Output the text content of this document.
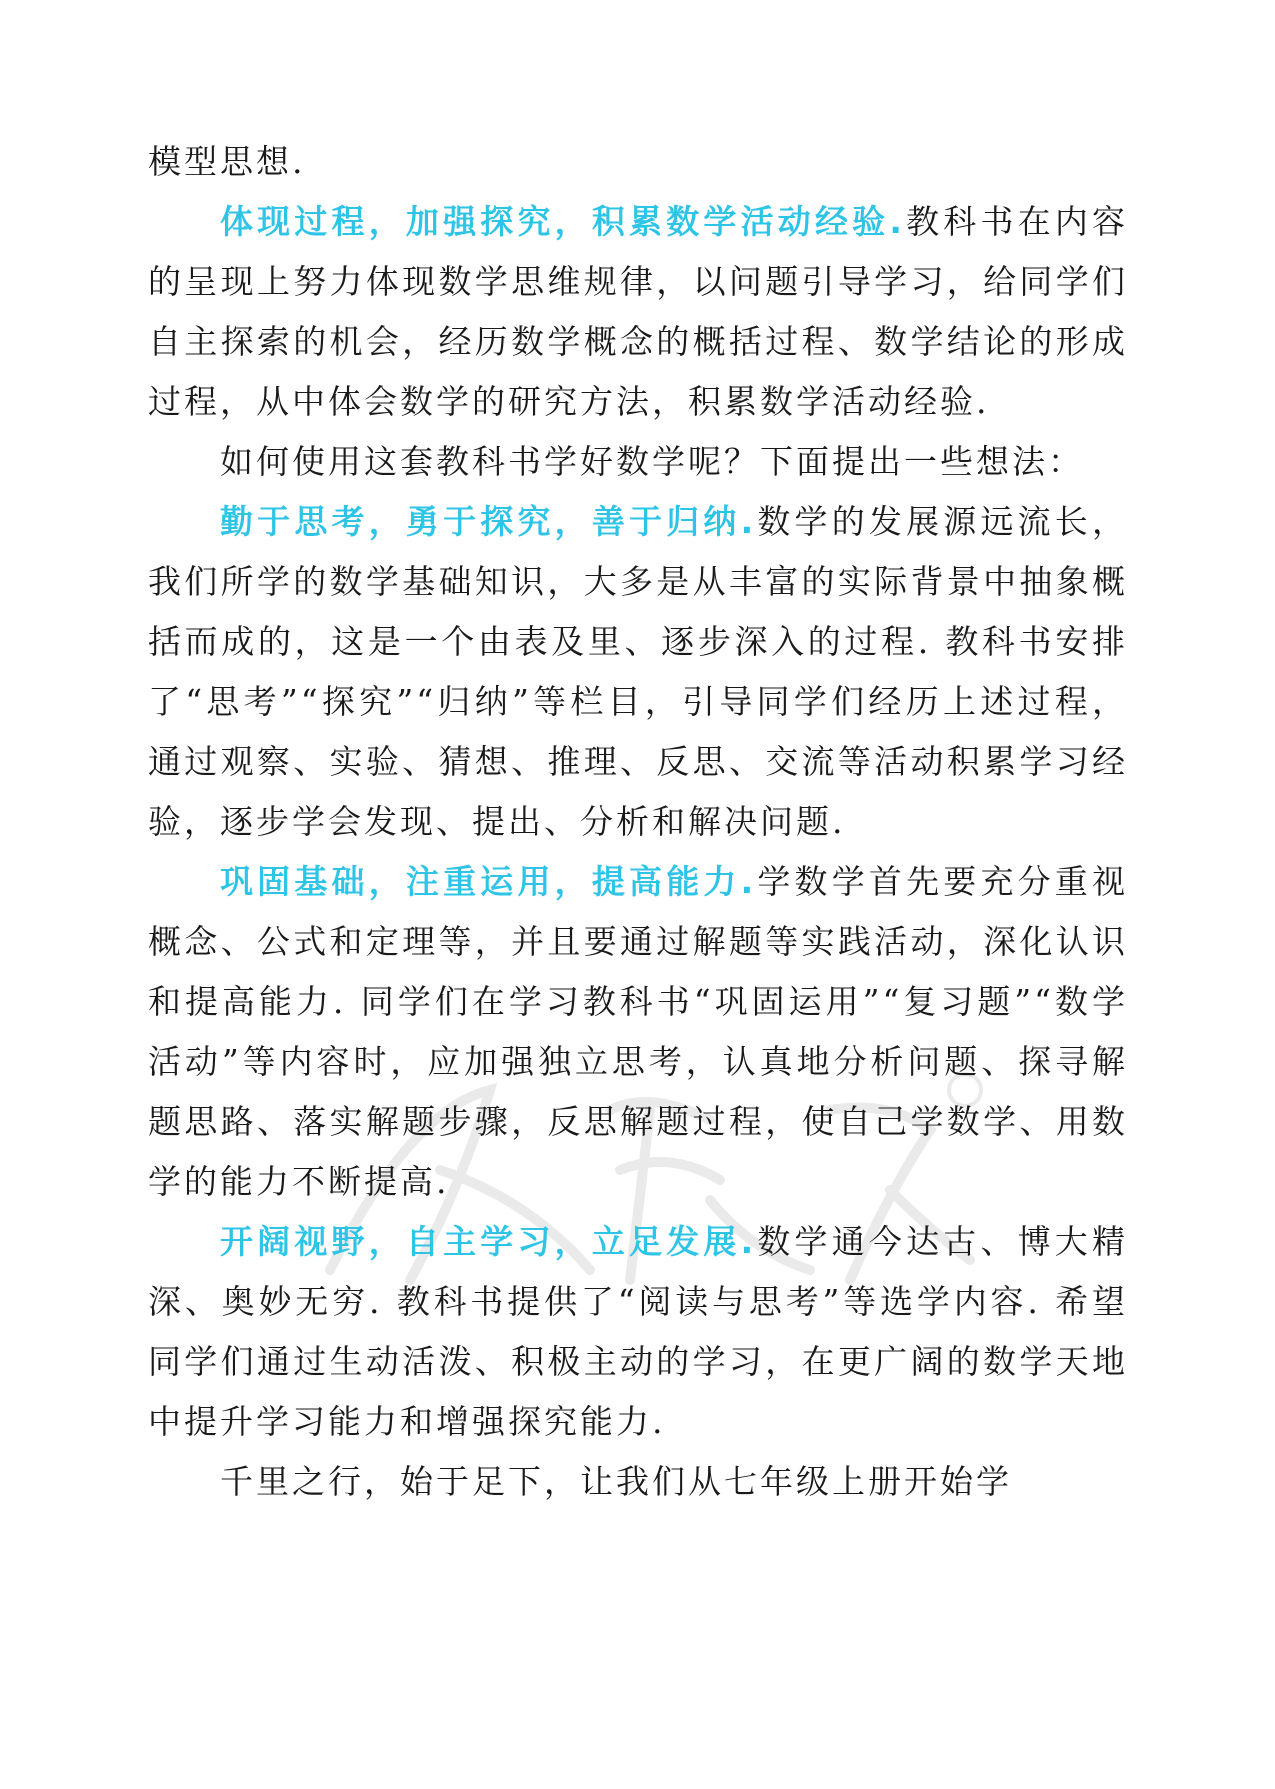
模型思想.

体现过程，加强探究，积累数学活动经验.教科书在内容的呈现上努力体现数学思维规律，以问题引导学习，给同学们自主探索的机会，经历数学概念的概括过程、数学结论的形成过程，从中体会数学的研究方法，积累数学活动经验.

如何使用这套教科书学好数学呢？下面提出一些想法：

勤于思考，勇于探究，善于归纳.数学的发展源远流长，我们所学的数学基础知识，大多是从丰富的实际背景中抽象概括而成的，这是一个由表及里、逐步深入的过程. 教科书安排了“思考”“探究”“归纳”等栏目，引导同学们经历上述过程，通过观察、实验、猜想、推理、反思、交流等活动积累学习经验，逐步学会发现、提出、分析和解决问题.

巩固基础，注重运用，提高能力.学数学首先要充分重视概念、公式和定理等，并且要通过解题等实践活动，深化认识和提高能力. 同学们在学习教科书“巩固运用”“复习题”“数学活动”等内容时，应加强独立思考，认真地分析问题、探寻解题思路、落实解题步骤，反思解题过程，使自己学数学、用数学的能力不断提高.

开阔视野，自主学习，立足发展.数学通今达古、博大精深、奥妙无穷. 教科书提供了“阅读与思考”等选学内容. 希望同学们通过生动活泼、积极主动的学习，在更广阔的数学天地中提升学习能力和增强探究能力.

千里之行，始于足下，让我们从七年级上册开始学
